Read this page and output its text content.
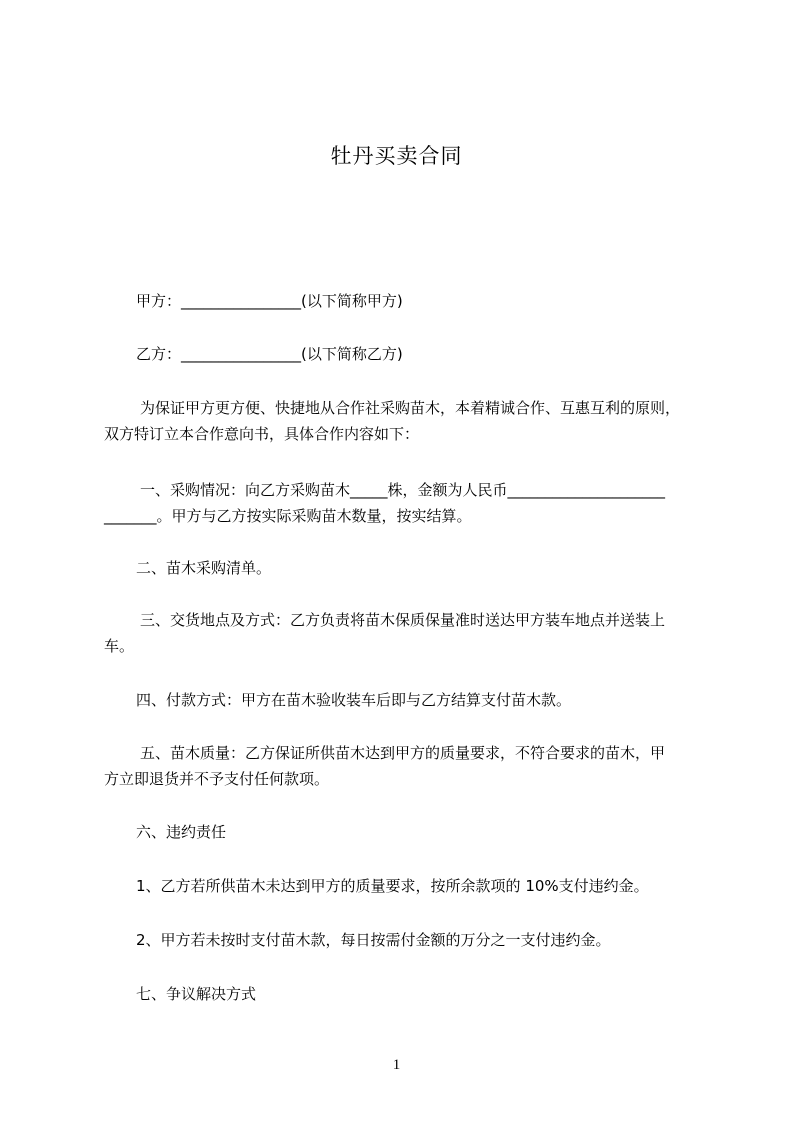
牡丹买卖合同
甲方：________________(以下简称甲方)
乙方：________________(以下简称乙方)
为保证甲方更方便、快捷地从合作社采购苗木，本着精诚合作、互惠互利的原则，
双方特订立本合作意向书，具体合作内容如下：
一、采购情况：向乙方采购苗木_____株，金额为人民币_____________________
_______。甲方与乙方按实际采购苗木数量，按实结算。
二、苗木采购清单。
三、交货地点及方式：乙方负责将苗木保质保量准时送达甲方装车地点并送装上
车。
四、付款方式：甲方在苗木验收装车后即与乙方结算支付苗木款。
五、苗木质量：乙方保证所供苗木达到甲方的质量要求，不符合要求的苗木，甲
方立即退货并不予支付任何款项。
六、违约责任
1、乙方若所供苗木未达到甲方的质量要求，按所余款项的 10%支付违约金。
2、甲方若未按时支付苗木款，每日按需付金额的万分之一支付违约金。
七、争议解决方式
1
